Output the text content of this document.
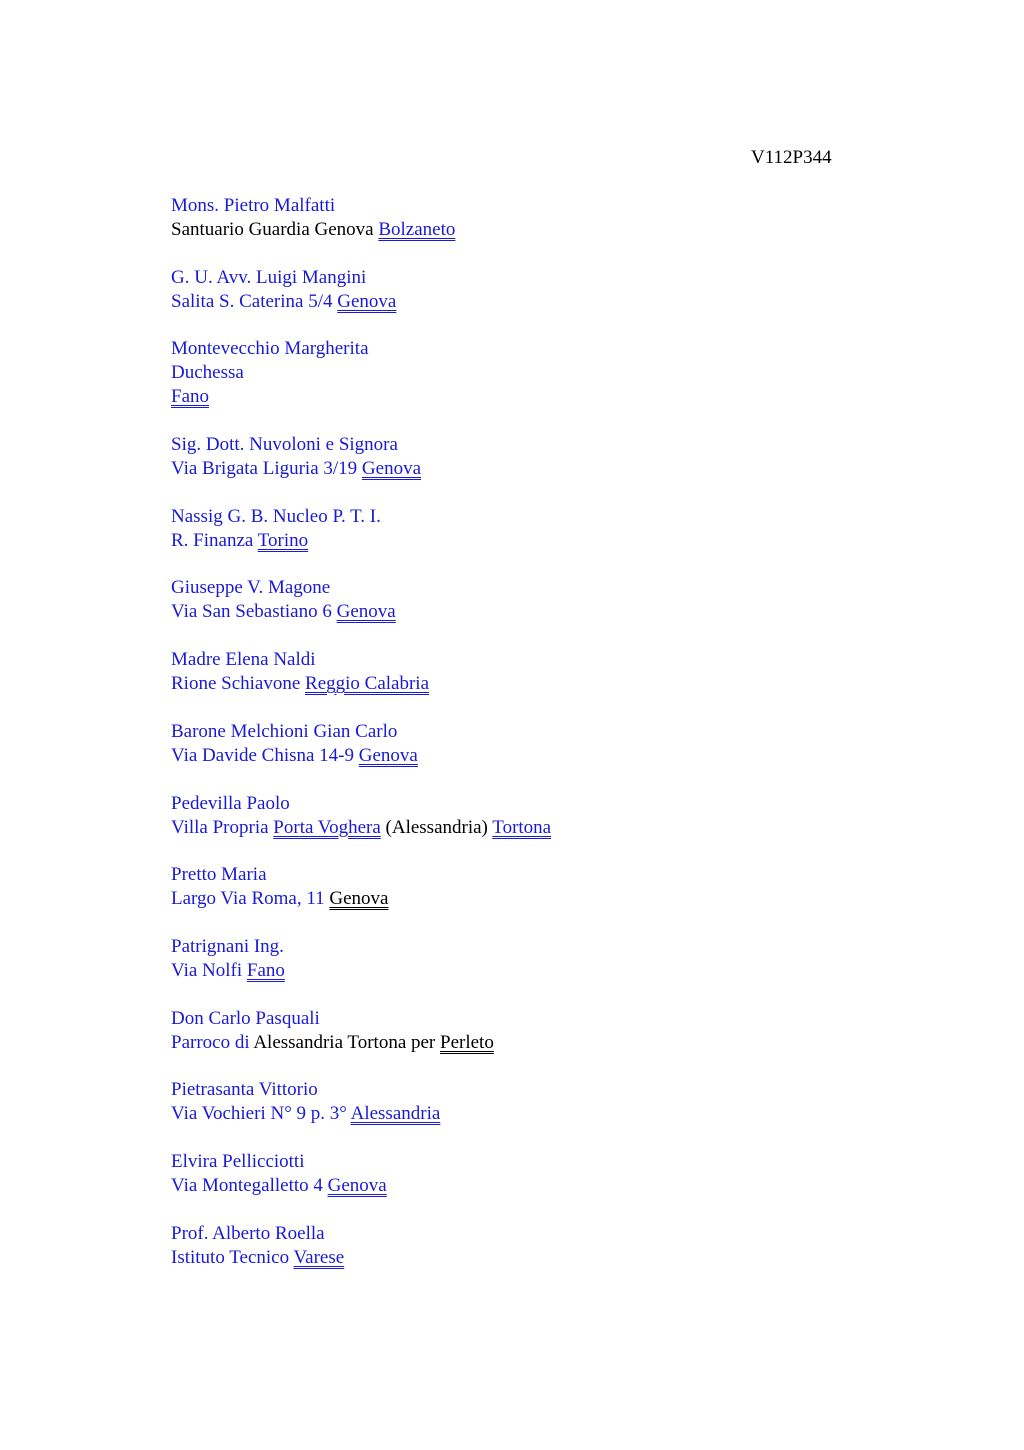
V112P344
Mons. Pietro Malfatti
Santuario Guardia Genova Bolzaneto
G. U. Avv. Luigi Mangini
Salita S. Caterina 5/4 Genova
Montevecchio Margherita
Duchessa
Fano
Sig. Dott. Nuvoloni e Signora
Via Brigata Liguria 3/19 Genova
Nassig G. B. Nucleo P. T. I.
R. Finanza Torino
Giuseppe V. Magone
Via San Sebastiano 6 Genova
Madre Elena Naldi
Rione Schiavone Reggio Calabria
Barone Melchioni Gian Carlo
Via Davide Chisna 14-9 Genova
Pedevilla Paolo
Villa Propria Porta Voghera (Alessandria) Tortona
Pretto Maria
Largo Via Roma, 11 Genova
Patrignani Ing.
Via Nolfi Fano
Don Carlo Pasquali
Parroco di Alessandria Tortona per Perleto
Pietrasanta Vittorio
Via Vochieri N° 9 p. 3° Alessandria
Elvira Pellicciotti
Via Montegalletto 4 Genova
Prof. Alberto Roella
Istituto Tecnico Varese
